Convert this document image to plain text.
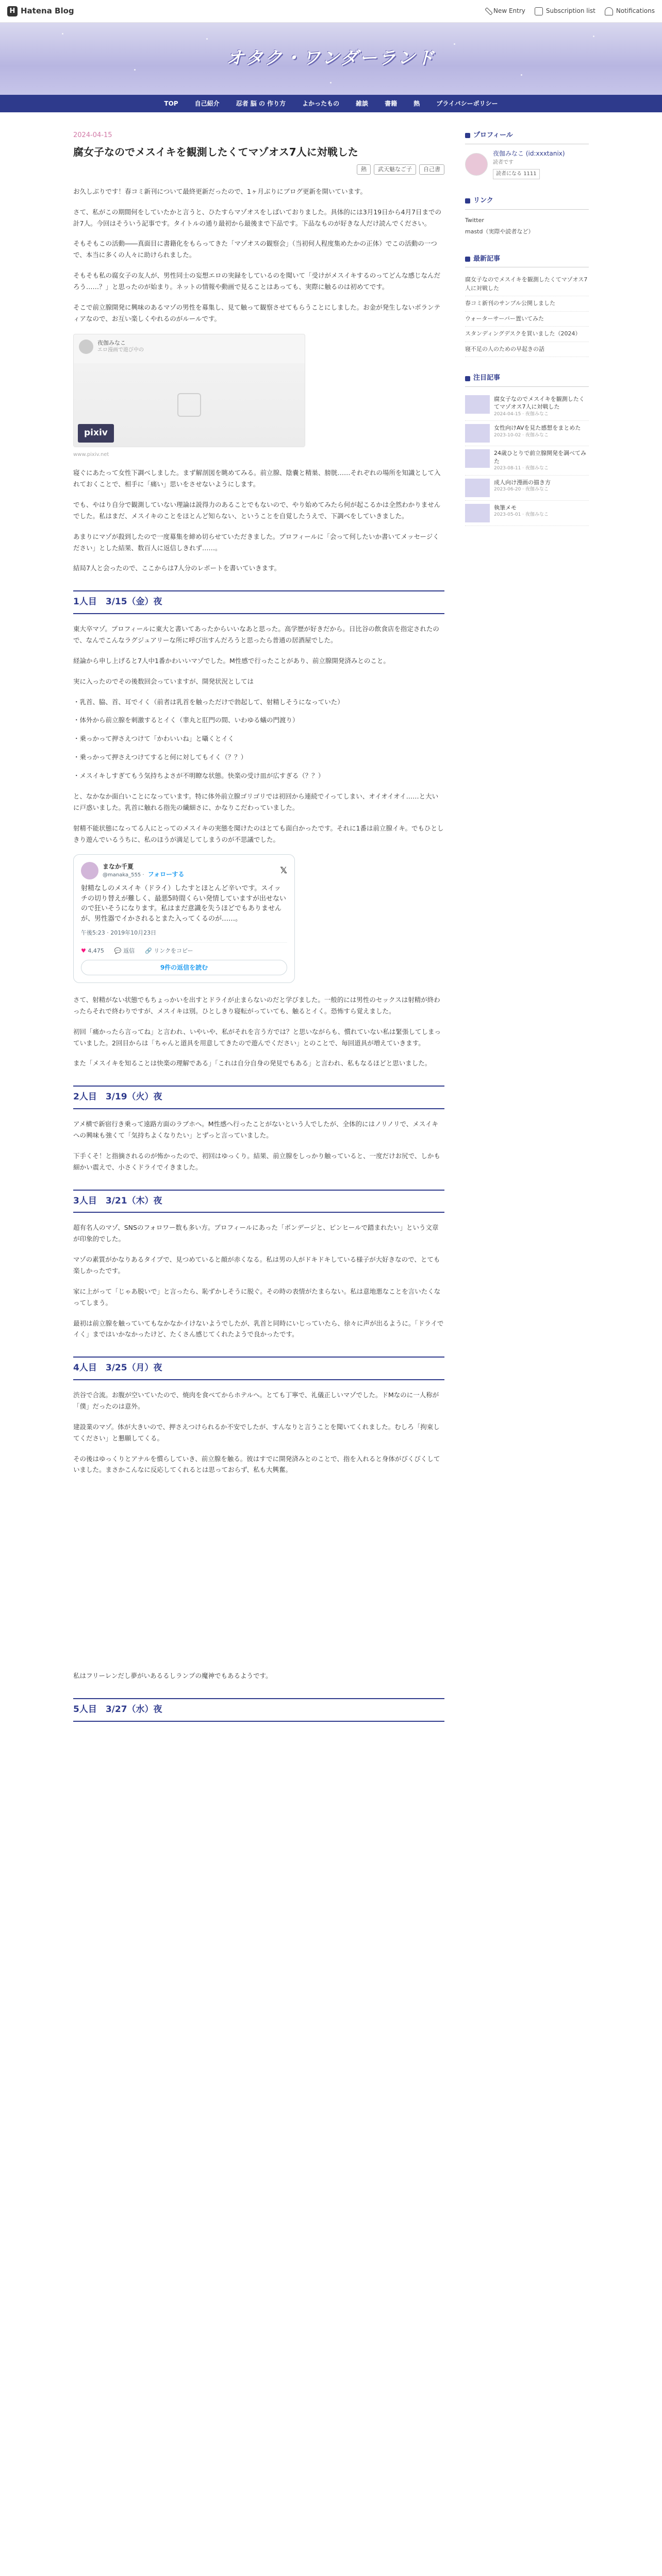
H Hatena Blog	New Entry	Subscription list	Notifications
オタク・ワンダーランド
TOP	自己紹介	忍者 脳 の 作り方	よかったもの	雑談	書籍	熱	プライバシーポリシー
2024-04-15
腐女子なのでメスイキを観測したくてマゾオス7人に対戦した
熱	武天魅なご子	自己書

お久しぶりです！春コミ新刊について最終更新だったので、1ヶ月ぶりにブログ更新を開いています。

さて、私がこの期間何をしていたかと言うと、ひたすらマゾオスをしばいておりました。具体的には3月19日から4月7日までの計7人。今回はそういう記事です。タイトルの通り最初から最後まで下品です。下品なものが好きな人だけ読んでください。

そもそもこの活動――真面目に書籍化をもらってきた「マゾオスの観察会」（当初何人程度集めたかの正体）でこの活動の一つで、本当に多くの人々に助けられました。

そもそも私の腐女子の友人が、男性同士の妄想エロの実録をしているのを聞いて「受けがメスイキするのってどんな感じなんだろう……？」と思ったのが始まり。ネットの情報や動画で見ることはあっても、実際に触るのは初めてです。

そこで前立腺開発に興味のあるマゾの男性を募集し、見て触って観察させてもらうことにしました。お金が発生しないボランティアなので、お互い楽しくやれるのがルールです。

夜伽みなこ
エロ漫画で遊び中の
pixiv
www.pixiv.net

寝ぐにあたって女性下調べしました。まず解剖図を眺めてみる。前立腺、陰嚢と精巣、膀胱……それぞれの場所を知識として入れておくことで、相手に「痛い」思いをさせないようにします。

でも、やはり自分で観測していない理論は説得力のあることでもないので、やり始めてみたら何が起こるかは全然わかりませんでした。私はまだ、メスイキのことをほとんど知らない、ということを自覚したうえで、下調べをしていきました。

あまりにマゾが殺到したので一度募集を締め切らせていただきました。プロフィールに「会って何したいか書いてメッセージください」とした結果、数百人に返信しきれず……。

結局7人と会ったので、ここからは7人分のレポートを書いていきます。

1人目　3/15（金）夜

東大卒マゾ。プロフィールに東大と書いてあったからいいなあと思った。高学歴が好きだから。日比谷の飲食店を指定されたので、なんでこんなラグジュアリーな所に呼び出すんだろうと思ったら普通の居酒屋でした。

経論から申し上げると7人中1番かわいいマゾでした。M性感で行ったことがあり、前立腺開発済みとのこと。

実に入ったのでその後数回会っていますが、開発状況としては

・乳首、脇、首、耳でイく（前者は乳首を触っただけで勃起して、射精しそうになっていた）
・体外から前立腺を刺激するとイく（睾丸と肛門の間、いわゆる蟻の門渡り）
・乗っかって押さえつけて「かわいいね」と囁くとイく
・乗っかって押さえつけてすると何に対してもイく（？？）
・メスイキしすぎてもう気持ちよさが不明瞭な状態。快楽の受け皿が広すぎる（？？）

と、なかなか面白いことになっています。特に体外前立腺ゴリゴリでは初回から連続でイってしまい、オイオイオイ……と大いに戸惑いました。乳首に触れる指先の繊細さに、かなりこだわっていました。

射精不能状態になってる人にとってのメスイキの実態を聞けたのはとても面白かったです。それに1番は前立腺イキ。でもひとしきり遊んでいるうちに、私のほうが満足してしまうのが不思議でした。

まなか千夏
@manaka_555 · フォローする	𝕏
射精なしのメスイキ（ドライ）したすとほとんど辛いです。スイッチの切り替えが難しく、最悪5時間くらい発情していますが出せないので狂いそうになります。私はまだ意識を失うほどでもありませんが、男性器でイかされるとまた入ってくるのが……。
午後5:23 · 2019年10月23日
♥ 4,475 💬 返信 🔗 リンクをコピー
9件の返信を読む

さて、射精がない状態でもちょっかいを出すとドライが止まらないのだと学びました。一般的には男性のセックスは射精が終わったらそれで終わりですが、メスイキは別。ひとしきり寝転がっていても、触るとイく。恐怖すら覚えました。

初回「痛かったら言ってね」と言われ、いやいや、私がそれを言う方では？と思いながらも、慣れていない私は緊張してしまっていました。2回目からは「ちゃんと道具を用意してきたので遊んでください」とのことで、毎回道具が増えていきます。

また「メスイキを知ることは快楽の理解である」「これは自分自身の発見でもある」と言われ、私もなるほどと思いました。

2人目　3/19（火）夜

アメ横で新宿行き乗って遠路方面のラブホへ。M性感へ行ったことがないという人でしたが、全体的にはノリノリで、メスイキへの興味も強くて「気持ちよくなりたい」とずっと言っていました。

下手くそ！と指摘されるのが怖かったので、初回はゆっくり。結果、前立腺をしっかり触っていると、一度だけお尻で、しかも細かい震えで、小さくドライでイきました。

3人目　3/21（木）夜

超有名人のマゾ、SNSのフォロワー数も多い方。プロフィールにあった「ボンデージと、ピンヒールで踏まれたい」という文章が印象的でした。

マゾの素質がかなりあるタイプで、見つめていると顔が赤くなる。私は男の人がドキドキしている様子が大好きなので、とても楽しかったです。

家に上がって「じゃあ脱いで」と言ったら、恥ずかしそうに脱ぐ。その時の表情がたまらない。私は意地悪なことを言いたくなってしまう。

最初は前立腺を触っていてもなかなかイけないようでしたが、乳首と同時にいじっていたら、徐々に声が出るように。「ドライでイく」まではいかなかったけど、たくさん感じてくれたようで良かったです。

4人目　3/25（月）夜

渋谷で合流。お腹が空いていたので、焼肉を食べてからホテルへ。とても丁寧で、礼儀正しいマゾでした。ドMなのに一人称が「僕」だったのは意外。

建設業のマゾ。体が大きいので、押さえつけられるか不安でしたが、すんなりと言うことを聞いてくれました。むしろ「拘束してください」と懇願してくる。

その後はゆっくりとアナルを慣らしていき、前立腺を触る。彼はすでに開発済みとのことで、指を入れると身体がびくびくしていました。まさかこんなに反応してくれるとは思っておらず、私も大興奮。

私はフリーレンだし夢がいあるるしランプの魔神でもあるようです。

5人目　3/27（水）夜
プロフィール
夜伽みなこ (id:xxxtanix)
読者です
読者になる 1111
リンク
Twitter
mastd（実際や読者など）
最新記事
腐女子なのでメスイキを観測したくてマゾオス7人に対戦した
春コミ新刊のサンプル公開しました
ウォーターサーバー置いてみた
スタンディングデスクを買いました（2024）
寝不足の人のための早起きの話
注目記事
腐女子なのでメスイキを観測したくてマゾオス7人に対戦した
2024-04-15 · 夜伽みなこ
女性向けAVを見た感想をまとめた
2023-10-02 · 夜伽みなこ
24歳ひとりで前立腺開発を調べてみた
2023-08-11 · 夜伽みなこ
成人向け漫画の描き方
2023-06-20 · 夜伽みなこ
執筆メモ
2023-05-01 · 夜伽みなこ
